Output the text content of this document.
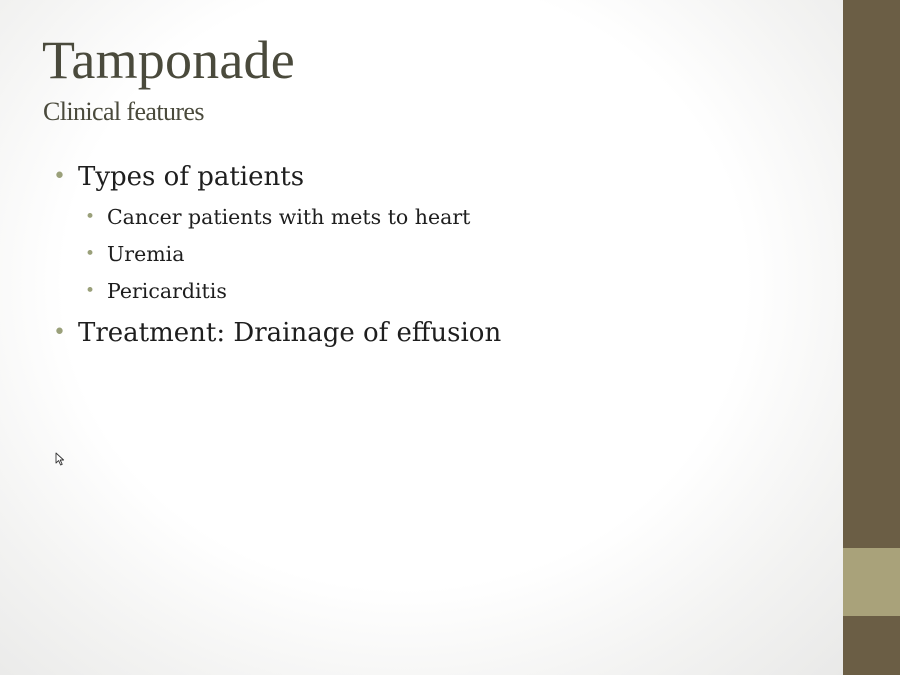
Tamponade
Clinical features
• Types of patients
• Cancer patients with mets to heart
• Uremia
• Pericarditis
• Treatment: Drainage of effusion
